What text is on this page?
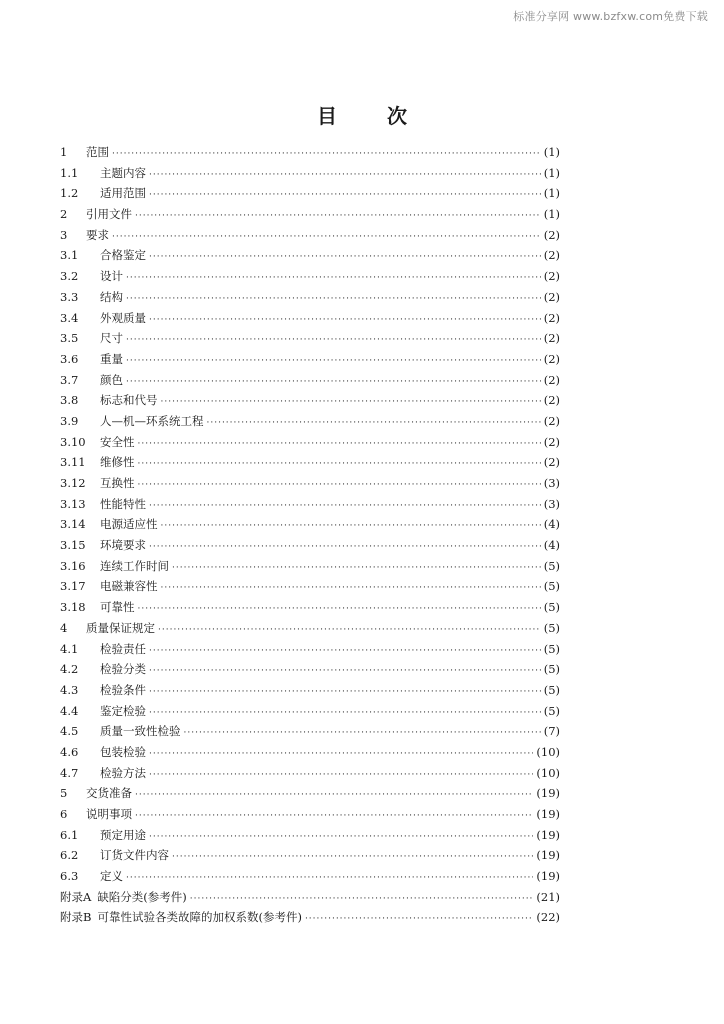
标准分享网 www.bzfxw.com免费下载
目	次
1	范围 ·····	(1)
1.1	主题内容 ·····	(1)
1.2	适用范围 ·····	(1)
2	引用文件 ·····	(1)
3	要求 ·····	(2)
3.1	合格鉴定 ·····	(2)
3.2	设计 ·····	(2)
3.3	结构 ·····	(2)
3.4	外观质量 ·····	(2)
3.5	尺寸 ·····	(2)
3.6	重量 ·····	(2)
3.7	颜色 ·····	(2)
3.8	标志和代号 ·····	(2)
3.9	人—机—环系统工程 ·····	(2)
3.10	安全性 ·····	(2)
3.11	维修性 ·····	(2)
3.12	互换性 ·····	(3)
3.13	性能特性 ·····	(3)
3.14	电源适应性 ·····	(4)
3.15	环境要求 ·····	(4)
3.16	连续工作时间 ·····	(5)
3.17	电磁兼容性 ·····	(5)
3.18	可靠性 ·····	(5)
4	质量保证规定 ·····	(5)
4.1	检验责任 ·····	(5)
4.2	检验分类 ·····	(5)
4.3	检验条件 ·····	(5)
4.4	鉴定检验 ·····	(5)
4.5	质量一致性检验 ·····	(7)
4.6	包装检验 ·····	(10)
4.7	检验方法 ·····	(10)
5	交货准备 ·····	(19)
6	说明事项 ·····	(19)
6.1	预定用途 ·····	(19)
6.2	订货文件内容 ·····	(19)
6.3	定义 ·····	(19)
附录A 缺陷分类(参考件) ·····	(21)
附录B 可靠性试验各类故障的加权系数(参考件) ·····	(22)
